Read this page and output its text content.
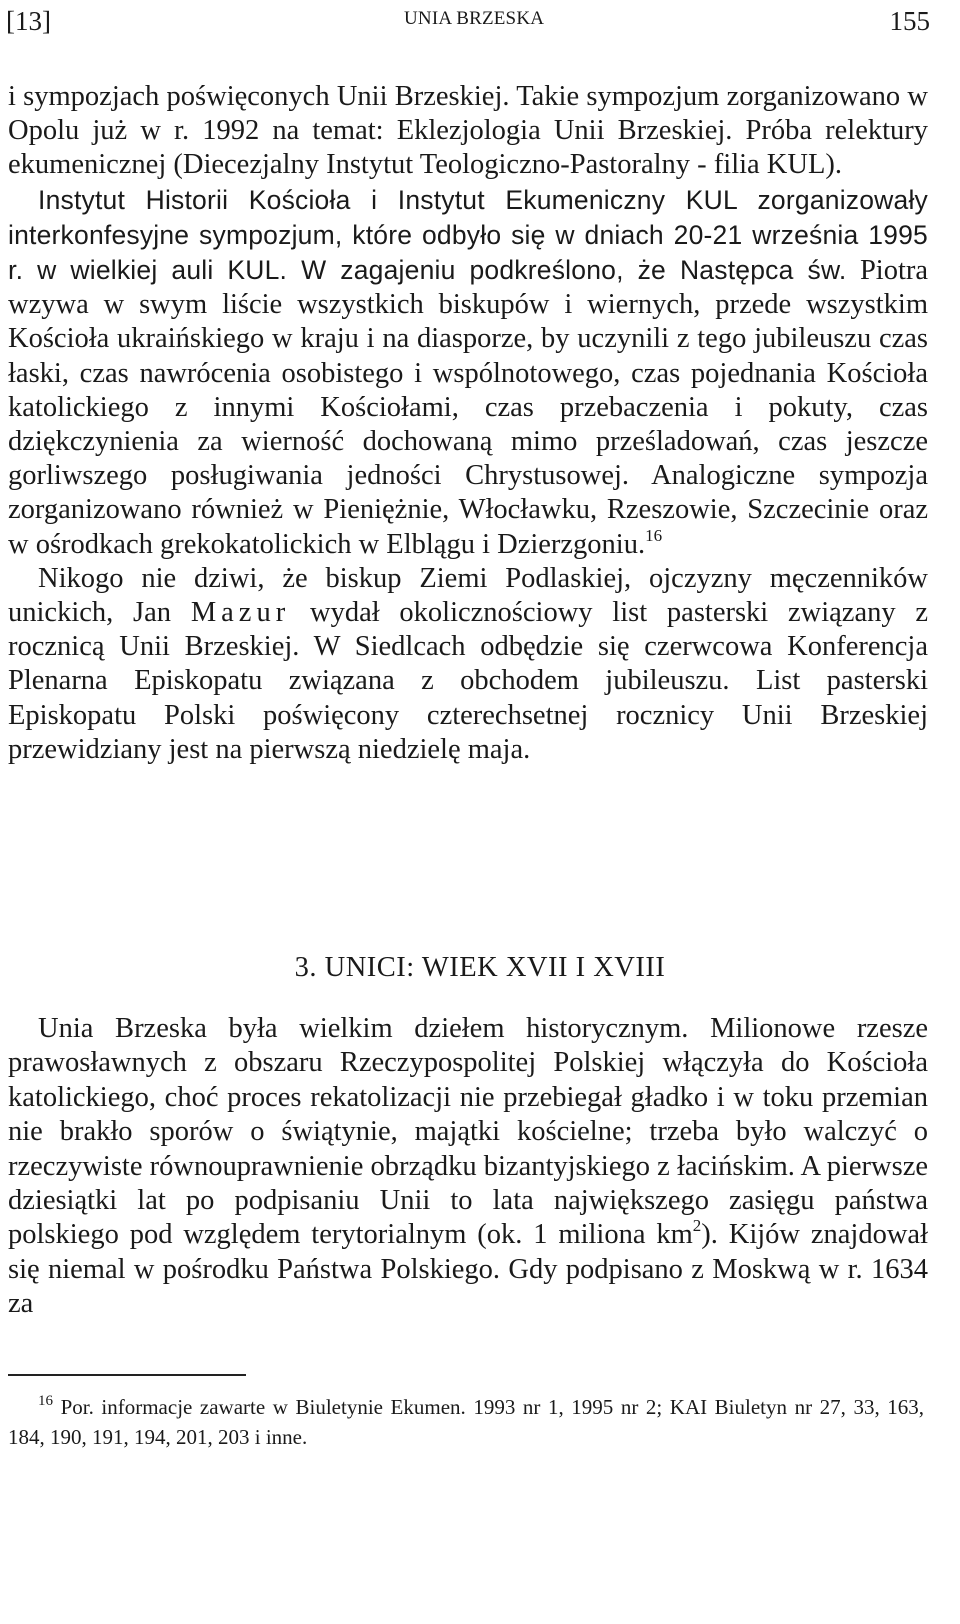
[13]	UNIA BRZESKA	155

i sympozjach poświęconych Unii Brzeskiej. Takie sympozjum zorganizowano w Opolu już w r. 1992 na temat: Eklezjologia Unii Brzeskiej. Próba relektury ekumenicznej (Diecezjalny Instytut Teologiczno-Pastoralny - filia KUL).

Instytut Historii Kościoła i Instytut Ekumeniczny KUL zorganizowały interkonfesyjne sympozjum, które odbyło się w dniach 20-21 września 1995 r. w wielkiej auli KUL. W zagajeniu podkreślono, że Następca św. Piotra wzywa w swym liście wszystkich biskupów i wiernych, przede wszystkim Kościoła ukraińskiego w kraju i na diasporze, by uczynili z tego jubileuszu czas łaski, czas nawrócenia osobistego i wspólnotowego, czas pojednania Kościoła katolickiego z innymi Kościołami, czas przebaczenia i pokuty, czas dziękczynienia za wierność dochowaną mimo prześladowań, czas jeszcze gorliwszego posługiwania jedności Chrystusowej. Analogiczne sympozja zorganizowano również w Pieniężnie, Włocławku, Rzeszowie, Szczecinie oraz w ośrodkach grekokatolickich w Elblągu i Dzierzgoniu.$^{16}$

Nikogo nie dziwi, że biskup Ziemi Podlaskiej, ojczyzny męczenników unickich, Jan Mazur wydał okolicznościowy list pasterski związany z rocznicą Unii Brzeskiej. W Siedlcach odbędzie się czerwcowa Konferencja Plenarna Episkopatu związana z obchodem jubileuszu. List pasterski Episkopatu Polski poświęcony czterechsetnej rocznicy Unii Brzeskiej przewidziany jest na pierwszą niedzielę maja.

3. UNICI: WIEK XVII I XVIII

Unia Brzeska była wielkim dziełem historycznym. Milionowe rzesze prawosławnych z obszaru Rzeczypospolitej Polskiej włączyła do Kościoła katolickiego, choć proces rekatolizacji nie przebiegał gładko i w toku przemian nie brakło sporów o świątynie, majątki kościelne; trzeba było walczyć o rzeczywiste równouprawnienie obrządku bizantyjskiego z łacińskim. A pierwsze dziesiątki lat po podpisaniu Unii to lata największego zasięgu państwa polskiego pod względem terytorialnym (ok. 1 miliona $km^2$). Kijów znajdował się niemal w pośrodku Państwa Polskiego. Gdy podpisano z Moskwą w r. 1634 za

$^{16}$ Por. informacje zawarte w Biuletynie Ekumen. 1993 nr 1, 1995 nr 2; KAI Biuletyn nr 27, 33, 163, 184, 190, 191, 194, 201, 203 i inne.
